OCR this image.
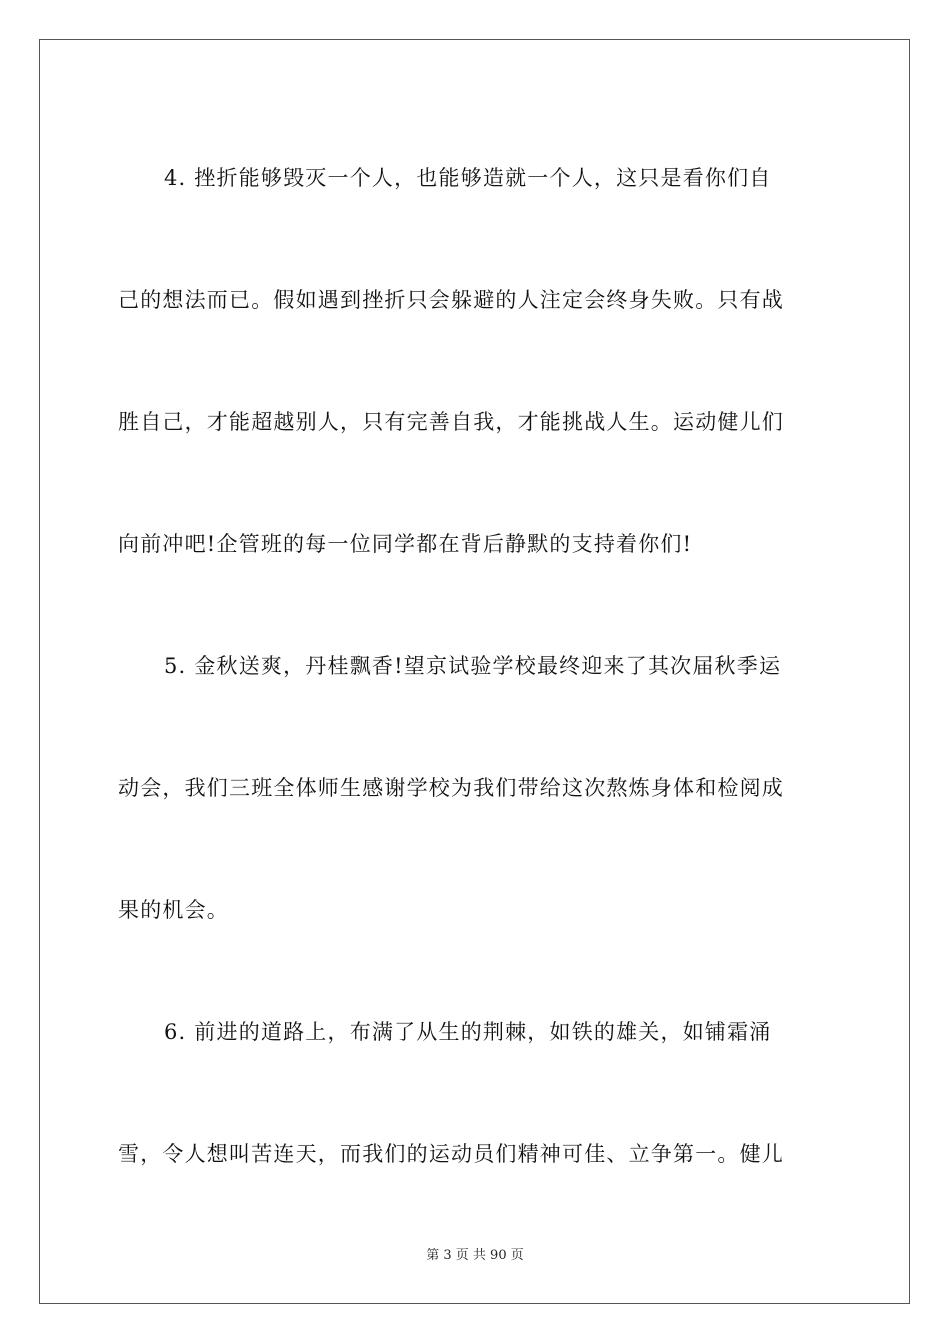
4. 挫折能够毁灭一个人，也能够造就一个人，这只是看你们自
己的想法而已。假如遇到挫折只会躲避的人注定会终身失败。只有战
胜自己，才能超越别人，只有完善自我，才能挑战人生。运动健儿们
向前冲吧!企管班的每一位同学都在背后静默的支持着你们!
5. 金秋送爽，丹桂飘香!望京试验学校最终迎来了其次届秋季运
动会，我们三班全体师生感谢学校为我们带给这次熬炼身体和检阅成
果的机会。
6. 前进的道路上，布满了从生的荆棘，如铁的雄关，如铺霜涌
雪，令人想叫苦连天，而我们的运动员们精神可佳、立争第一。健儿
第 3 页 共 90 页
